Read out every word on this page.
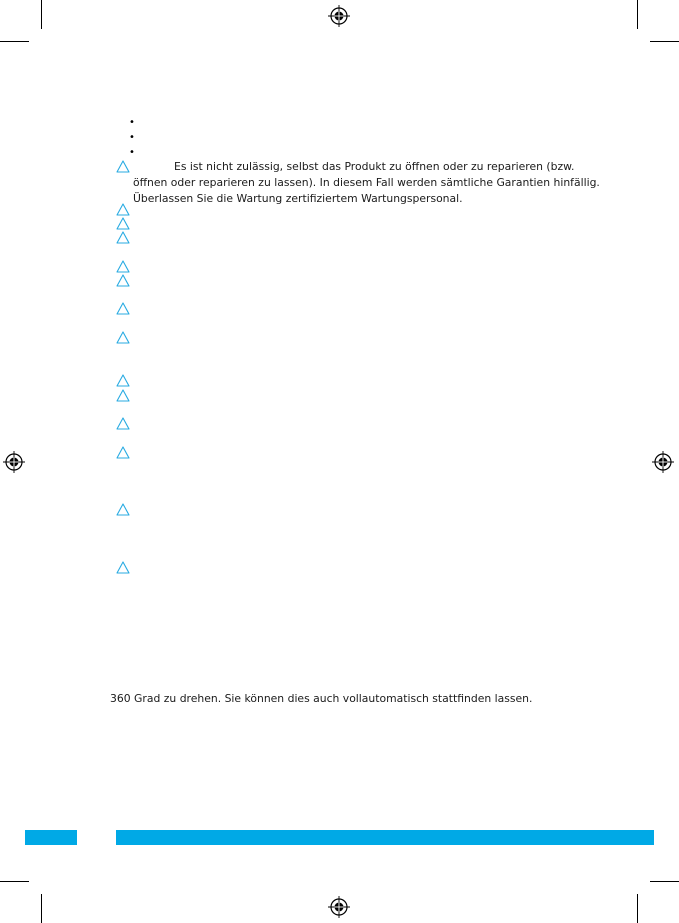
•
•
•
Es ist nicht zulässig, selbst das Produkt zu öffnen oder zu reparieren (bzw.
öffnen oder reparieren zu lassen). In diesem Fall werden sämtliche Garantien hinfällig.
Überlassen Sie die Wartung zertifiziertem Wartungspersonal.
360 Grad zu drehen. Sie können dies auch vollautomatisch stattfinden lassen.
